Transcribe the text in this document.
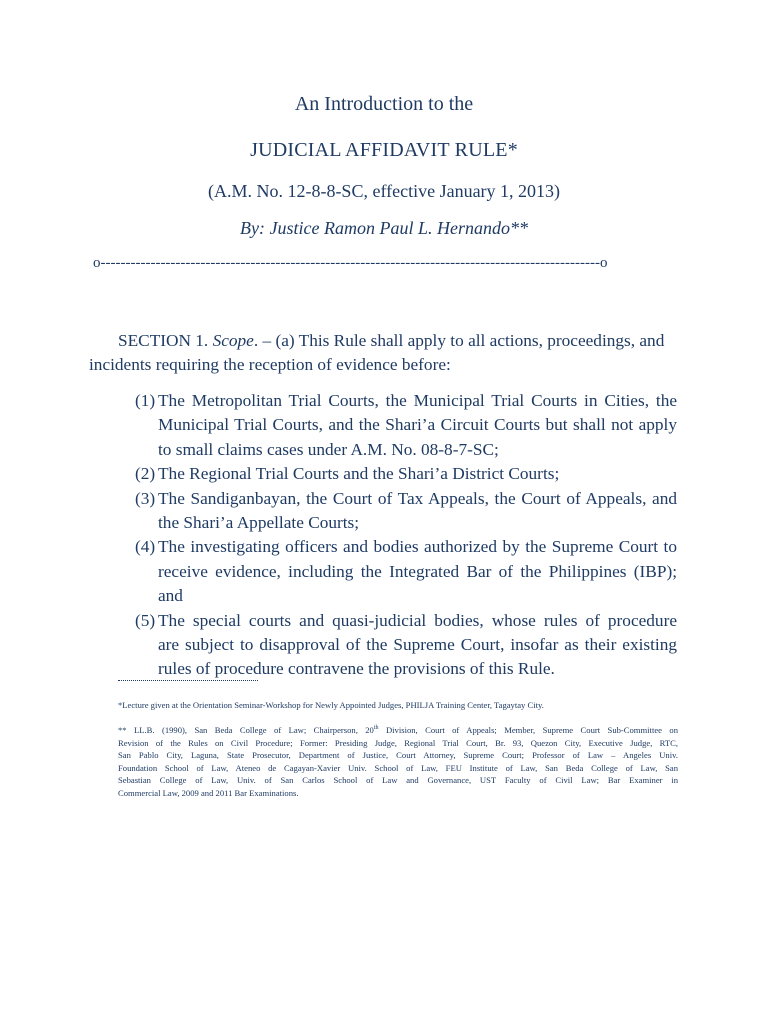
An Introduction to the
JUDICIAL AFFIDAVIT RULE*
(A.M. No. 12-8-8-SC, effective January 1, 2013)
By: Justice Ramon Paul L. Hernando**
o----------------------------------------------------------------------------------------------------o
SECTION 1. Scope. – (a) This Rule shall apply to all actions, proceedings, and
incidents requiring the reception of evidence before:
(1) The Metropolitan Trial Courts, the Municipal Trial Courts in Cities, the
Municipal Trial Courts, and the Shari’a Circuit Courts but shall not apply
to small claims cases under A.M. No. 08-8-7-SC;
(2) The Regional Trial Courts and the Shari’a District Courts;
(3) The Sandiganbayan, the Court of Tax Appeals, the Court of Appeals, and
the Shari’a Appellate Courts;
(4) The investigating officers and bodies authorized by the Supreme Court to
receive evidence, including the Integrated Bar of the Philippines (IBP);
and
(5) The special courts and quasi-judicial bodies, whose rules of procedure
are subject to disapproval of the Supreme Court, insofar as their existing
rules of procedure contravene the provisions of this Rule.
*Lecture given at the Orientation Seminar-Workshop for Newly Appointed Judges, PHILJA Training Center, Tagaytay City.
** LL.B. (1990), San Beda College of Law; Chairperson, 20th Division, Court of Appeals; Member, Supreme Court Sub-Committee on
Revision of the Rules on Civil Procedure; Former: Presiding Judge, Regional Trial Court, Br. 93, Quezon City, Executive Judge, RTC,
San Pablo City, Laguna, State Prosecutor, Department of Justice, Court Attorney, Supreme Court; Professor of Law – Angeles Univ.
Foundation School of Law, Ateneo de Cagayan-Xavier Univ. School of Law, FEU Institute of Law, San Beda College of Law, San
Sebastian College of Law, Univ. of San Carlos School of Law and Governance, UST Faculty of Civil Law; Bar Examiner in
Commercial Law, 2009 and 2011 Bar Examinations.
